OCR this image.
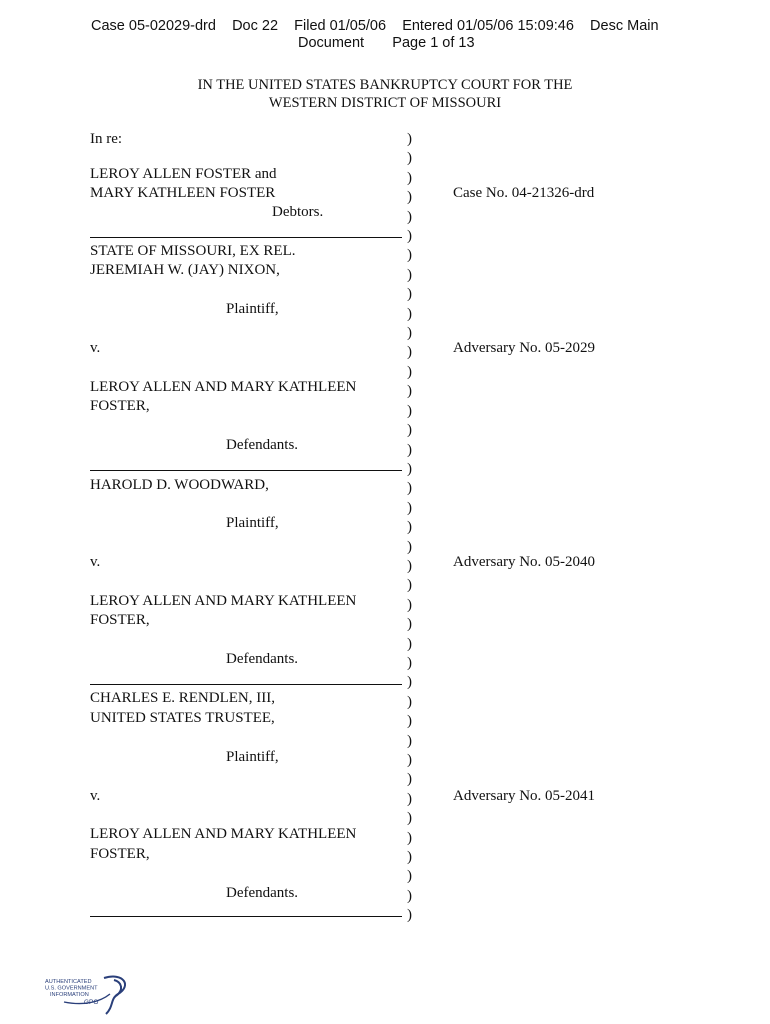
Case 05-02029-drd Doc 22 Filed 01/05/06 Entered 01/05/06 15:09:46 Desc Main
Document Page 1 of 13
IN THE UNITED STATES BANKRUPTCY COURT FOR THE
WESTERN DISTRICT OF MISSOURI
In re:
LEROY ALLEN FOSTER and
MARY KATHLEEN FOSTER
Debtors.
STATE OF MISSOURI, EX REL.
JEREMIAH W. (JAY) NIXON,
Plaintiff,
v.
LEROY ALLEN AND MARY KATHLEEN
FOSTER,
Defendants.
HAROLD D. WOODWARD,
Plaintiff,
v.
LEROY ALLEN AND MARY KATHLEEN
FOSTER,
Defendants.
CHARLES E. RENDLEN, III,
UNITED STATES TRUSTEE,
Plaintiff,
v.
LEROY ALLEN AND MARY KATHLEEN
FOSTER,
Defendants.
)
)
)
)
)
)
)
)
)
)
)
)
)
)
)
)
)
)
)
)
)
)
)
)
)
)
)
)
)
)
)
)
)
)
)
)
)
)
)
)
)
Case No. 04-21326-drd
Adversary No. 05-2029
Adversary No. 05-2040
Adversary No. 05-2041
AUTHENTICATED
U.S. GOVERNMENT
INFORMATION
GPO
